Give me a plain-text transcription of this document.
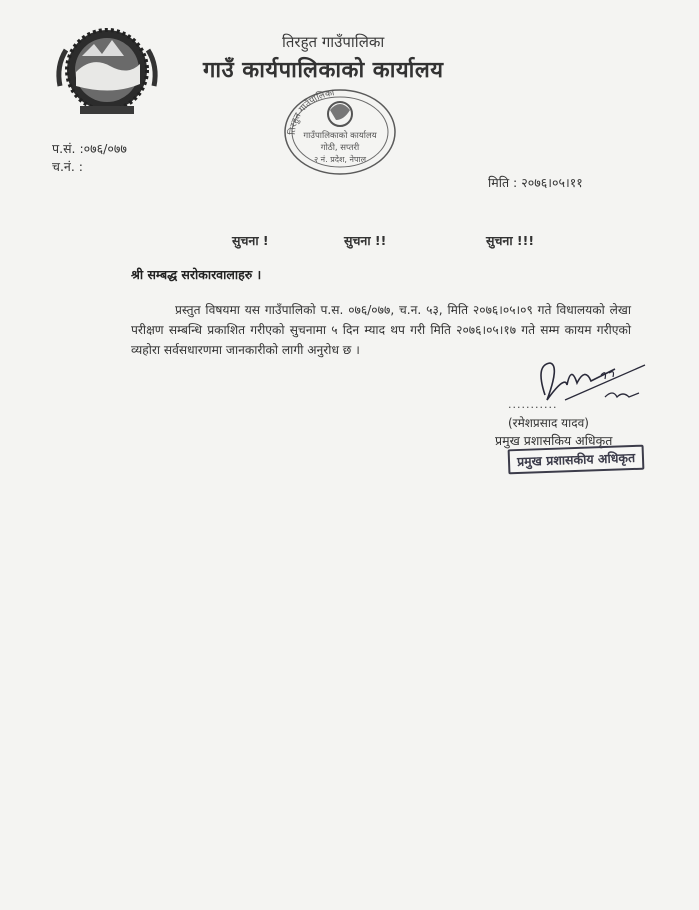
तिरहुत गाउँपालिका
गाउँ कार्यपालिकाको कार्यालय
तिरहुत गाउँपालिका
गाउँपालिकाको कार्यालय
गोठी, सप्तरी
२ नं. प्रदेश, नेपाल
प.सं. :०७६/०७७
च.नं. :
मिति : २०७६।०५।११
सुचना !	सुचना !!	सुचना !!!
श्री सम्बद्ध सरोकारवालाहरु ।
प्रस्तुत विषयमा यस गाउँपालिको प.स. ०७६/०७७, च.न. ५३, मिति २०७६।०५।०९ गते विधालयको लेखा परीक्षण सम्बन्धि प्रकाशित गरीएको सुचनामा ५ दिन म्याद थप गरी मिति २०७६।०५।१७ गते सम्म कायम गरीएको व्यहोरा सर्वसधारणमा जानकारीको लागी अनुरोध छ ।
...........
(रमेशप्रसाद यादव)
प्रमुख प्रशासकिय अधिकृत
प्रमुख प्रशासकीय अधिकृत
